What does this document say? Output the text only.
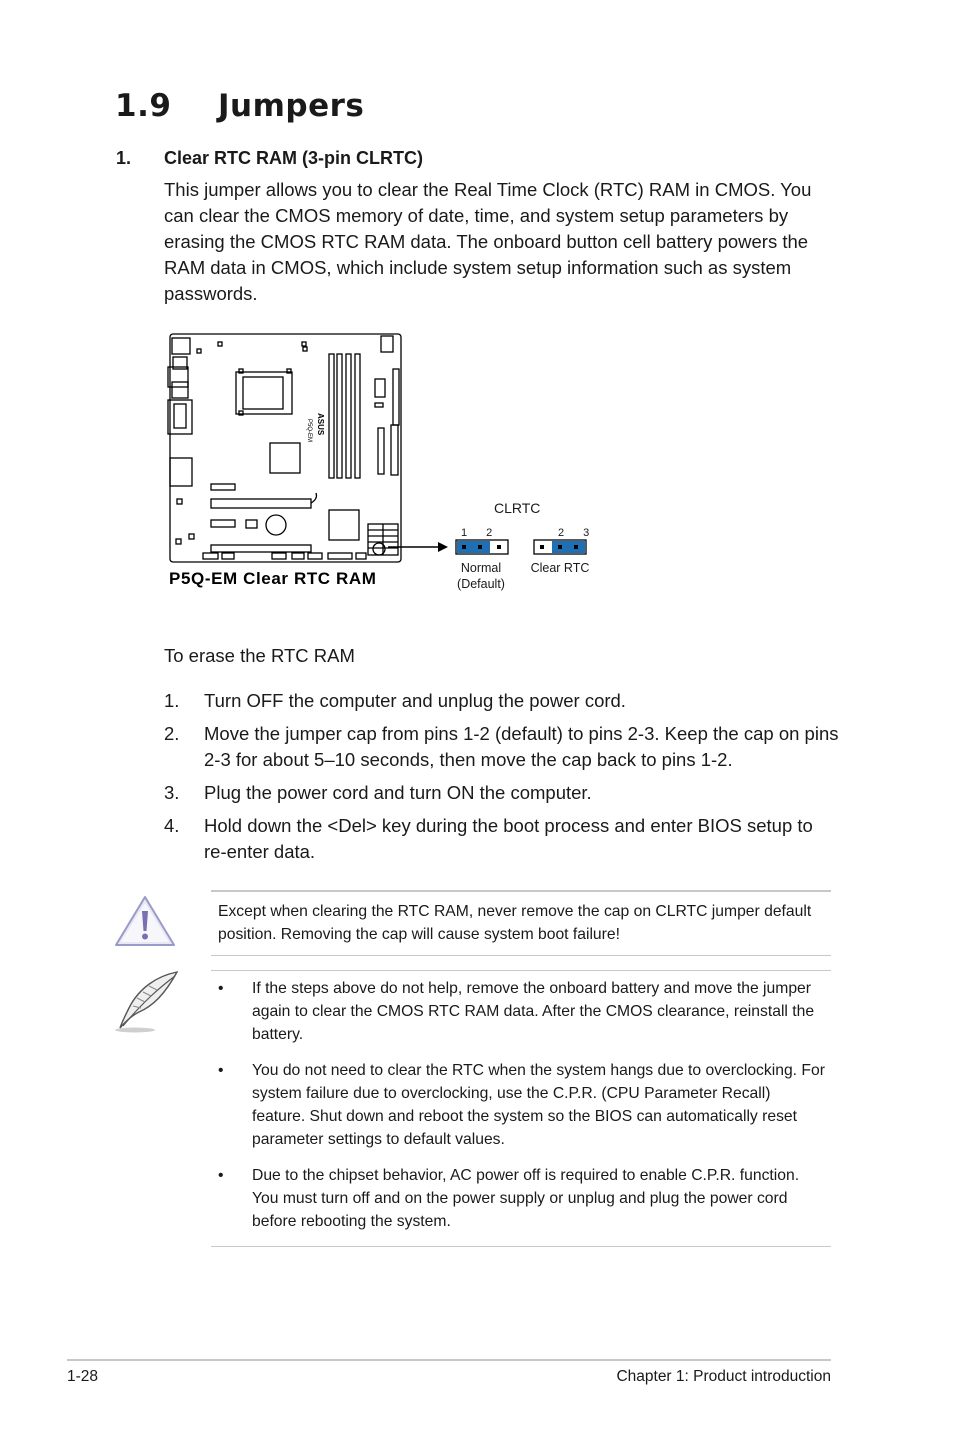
1.9 Jumpers
1. Clear RTC RAM (3-pin CLRTC)
This jumper allows you to clear the Real Time Clock (RTC) RAM in CMOS. You can clear the CMOS memory of date, time, and system setup parameters by erasing the CMOS RTC RAM data. The onboard button cell battery powers the RAM data in CMOS, which include system setup information such as system passwords.
ASUS
P5Q-EM
CLRTC
1 2
Normal
(Default)
2 3
Clear RTC
P5Q-EM Clear RTC RAM
To erase the RTC RAM
1.	Turn OFF the computer and unplug the power cord.
2.	Move the jumper cap from pins 1-2 (default) to pins 2-3. Keep the cap on pins 2-3 for about 5–10 seconds, then move the cap back to pins 1-2.
3.	Plug the power cord and turn ON the computer.
4.	Hold down the <Del> key during the boot process and enter BIOS setup to re-enter data.
Except when clearing the RTC RAM, never remove the cap on CLRTC jumper default position. Removing the cap will cause system boot failure!
•	If the steps above do not help, remove the onboard battery and move the jumper again to clear the CMOS RTC RAM data. After the CMOS clearance, reinstall the battery.
•	You do not need to clear the RTC when the system hangs due to overclocking. For system failure due to overclocking, use the C.P.R. (CPU Parameter Recall) feature. Shut down and reboot the system so the BIOS can automatically reset parameter settings to default values.
•	Due to the chipset behavior, AC power off is required to enable C.P.R. function. You must turn off and on the power supply or unplug and plug the power cord before rebooting the system.
1-28	Chapter 1: Product introduction
